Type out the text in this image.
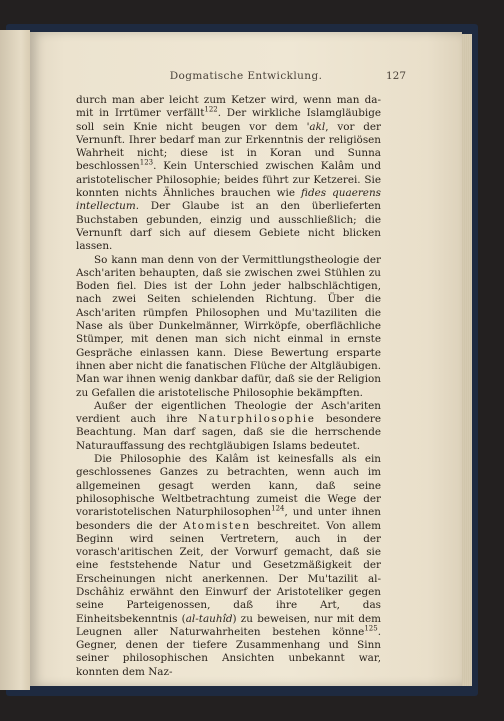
Dogmatische Entwicklung.	127

durch man aber leicht zum Ketzer wird, wenn man da-mit in Irrtümer verfällt$^{122}$. Der wirkliche Islamgläubige soll sein Knie nicht beugen vor dem 'akl, vor der Vernunft. Ihrer bedarf man zur Erkenntnis der religiösen Wahrheit nicht; diese ist in Koran und Sunna beschlossen$^{123}$. Kein Unterschied zwischen Kalâm und aristotelischer Philosophie; beides führt zur Ketzerei. Sie konnten nichts Ähnliches brauchen wie fides quaerens intellectum. Der Glaube ist an den überlieferten Buchstaben gebunden, einzig und ausschließlich; die Vernunft darf sich auf diesem Gebiete nicht blicken lassen.

So kann man denn von der Vermittlungstheologie der Asch'ariten behaupten, daß sie zwischen zwei Stühlen zu Boden fiel. Dies ist der Lohn jeder halbschlächtigen, nach zwei Seiten schielenden Richtung. Über die Asch'ariten rümpfen Philosophen und Mu'taziliten die Nase als über Dunkelmänner, Wirrköpfe, oberflächliche Stümper, mit denen man sich nicht einmal in ernste Gespräche einlassen kann. Diese Bewertung ersparte ihnen aber nicht die fanatischen Flüche der Altgläubigen. Man war ihnen wenig dankbar dafür, daß sie der Religion zu Gefallen die aristotelische Philosophie bekämpften.

Außer der eigentlichen Theologie der Asch'ariten verdient auch ihre Naturphilosophie besondere Beachtung. Man darf sagen, daß sie die herrschende Naturauffassung des rechtgläubigen Islams bedeutet.

Die Philosophie des Kalâm ist keinesfalls als ein geschlossenes Ganzes zu betrachten, wenn auch im allgemeinen gesagt werden kann, daß seine philosophische Weltbetrachtung zumeist die Wege der vorаristotelischen Naturphilosophen$^{124}$, und unter ihnen besonders die der Atomisten beschreitet. Von allem Beginn wird seinen Vertretern, auch in der vorasch'aritischen Zeit, der Vorwurf gemacht, daß sie eine feststehende Natur und Gesetzmäßigkeit der Erscheinungen nicht anerkennen. Der Mu'tazilit al-Dschâhiz erwähnt den Einwurf der Aristoteliker gegen seine Parteigenossen, daß ihre Art, das Einheitsbekenntnis (al-tauhîd) zu beweisen, nur mit dem Leugnen aller Naturwahrheiten bestehen könne$^{125}$. Gegner, denen der tiefere Zusammenhang und Sinn seiner philosophischen Ansichten unbekannt war, konnten dem Naz-
